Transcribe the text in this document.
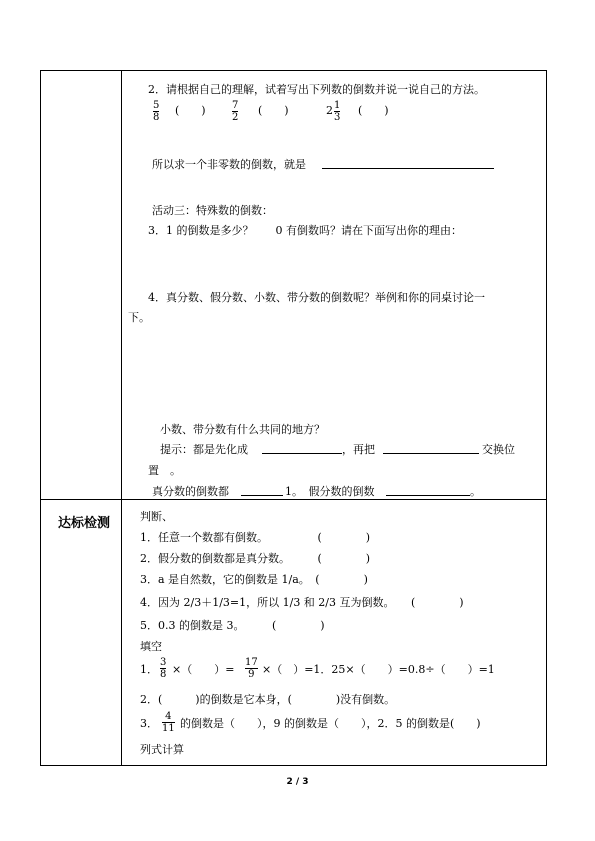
达标检测
2．请根据自己的理解，试着写出下列数的倒数并说一说自己的方法。
5
8
(　　)	7
2
(　　)	2 1
3
(　　)
所以求一个非零数的倒数，就是
活动三：特殊数的倒数：
3．1 的倒数是多少？　　0 有倒数吗？请在下面写出你的理由：
4．真分数、假分数、小数、带分数的倒数呢？举例和你的同桌讨论一
下。
小数、带分数有什么共同的地方？
提示：都是先化成	，再把	交换位
置　。
真分数的倒数都	1。　假分数的倒数	。
判断、
1．任意一个数都有倒数。　　　　　(　　　　)
2．假分数的倒数都是真分数。　　　(　　　　)
3．a 是自然数，它的倒数是 1/a。　(　　　　)
4．因为 2/3＋1/3=1，所以 1/3 和 2/3 互为倒数。　　(　　　　)
5．0.3 的倒数是 3。　　　(　　　　)
填空
1．
3
8 ×（　　）=
17
9 ×（　）=1．25×（　　）=0.8÷（　　）=1
2．(　　　)的倒数是它本身，(　　　　)没有倒数。
3．
4
11 的倒数是（　　），9 的倒数是（　　），2．5 的倒数是(　　)
列式计算
2 / 3
